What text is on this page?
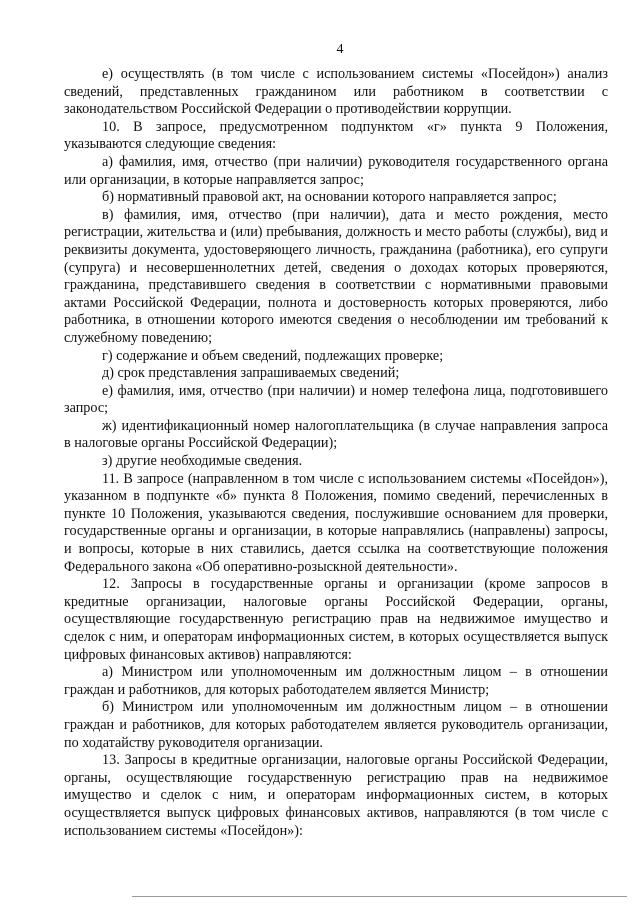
4

е) осуществлять (в том числе с использованием системы «Посейдон») анализ сведений, представленных гражданином или работником в соответствии с законодательством Российской Федерации о противодействии коррупции.

10. В запросе, предусмотренном подпунктом «г» пункта 9 Положения, указываются следующие сведения:

а) фамилия, имя, отчество (при наличии) руководителя государственного органа или организации, в которые направляется запрос;

б) нормативный правовой акт, на основании которого направляется запрос;

в) фамилия, имя, отчество (при наличии), дата и место рождения, место регистрации, жительства и (или) пребывания, должность и место работы (службы), вид и реквизиты документа, удостоверяющего личность, гражданина (работника), его супруги (супруга) и несовершеннолетних детей, сведения о доходах которых проверяются, гражданина, представившего сведения в соответствии с нормативными правовыми актами Российской Федерации, полнота и достоверность которых проверяются, либо работника, в отношении которого имеются сведения о несоблюдении им требований к служебному поведению;

г) содержание и объем сведений, подлежащих проверке;

д) срок представления запрашиваемых сведений;

е) фамилия, имя, отчество (при наличии) и номер телефона лица, подготовившего запрос;

ж) идентификационный номер налогоплательщика (в случае направления запроса в налоговые органы Российской Федерации);

з) другие необходимые сведения.

11. В запросе (направленном в том числе с использованием системы «Посейдон»), указанном в подпункте «б» пункта 8 Положения, помимо сведений, перечисленных в пункте 10 Положения, указываются сведения, послужившие основанием для проверки, государственные органы и организации, в которые направлялись (направлены) запросы, и вопросы, которые в них ставились, дается ссылка на соответствующие положения Федерального закона «Об оперативно-розыскной деятельности».

12. Запросы в государственные органы и организации (кроме запросов в кредитные организации, налоговые органы Российской Федерации, органы, осуществляющие государственную регистрацию прав на недвижимое имущество и сделок с ним, и операторам информационных систем, в которых осуществляется выпуск цифровых финансовых активов) направляются:

а) Министром или уполномоченным им должностным лицом – в отношении граждан и работников, для которых работодателем является Министр;

б) Министром или уполномоченным им должностным лицом – в отношении граждан и работников, для которых работодателем является руководитель организации, по ходатайству руководителя организации.

13. Запросы в кредитные организации, налоговые органы Российской Федерации, органы, осуществляющие государственную регистрацию прав на недвижимое имущество и сделок с ним, и операторам информационных систем, в которых осуществляется выпуск цифровых финансовых активов, направляются (в том числе с использованием системы «Посейдон»):
